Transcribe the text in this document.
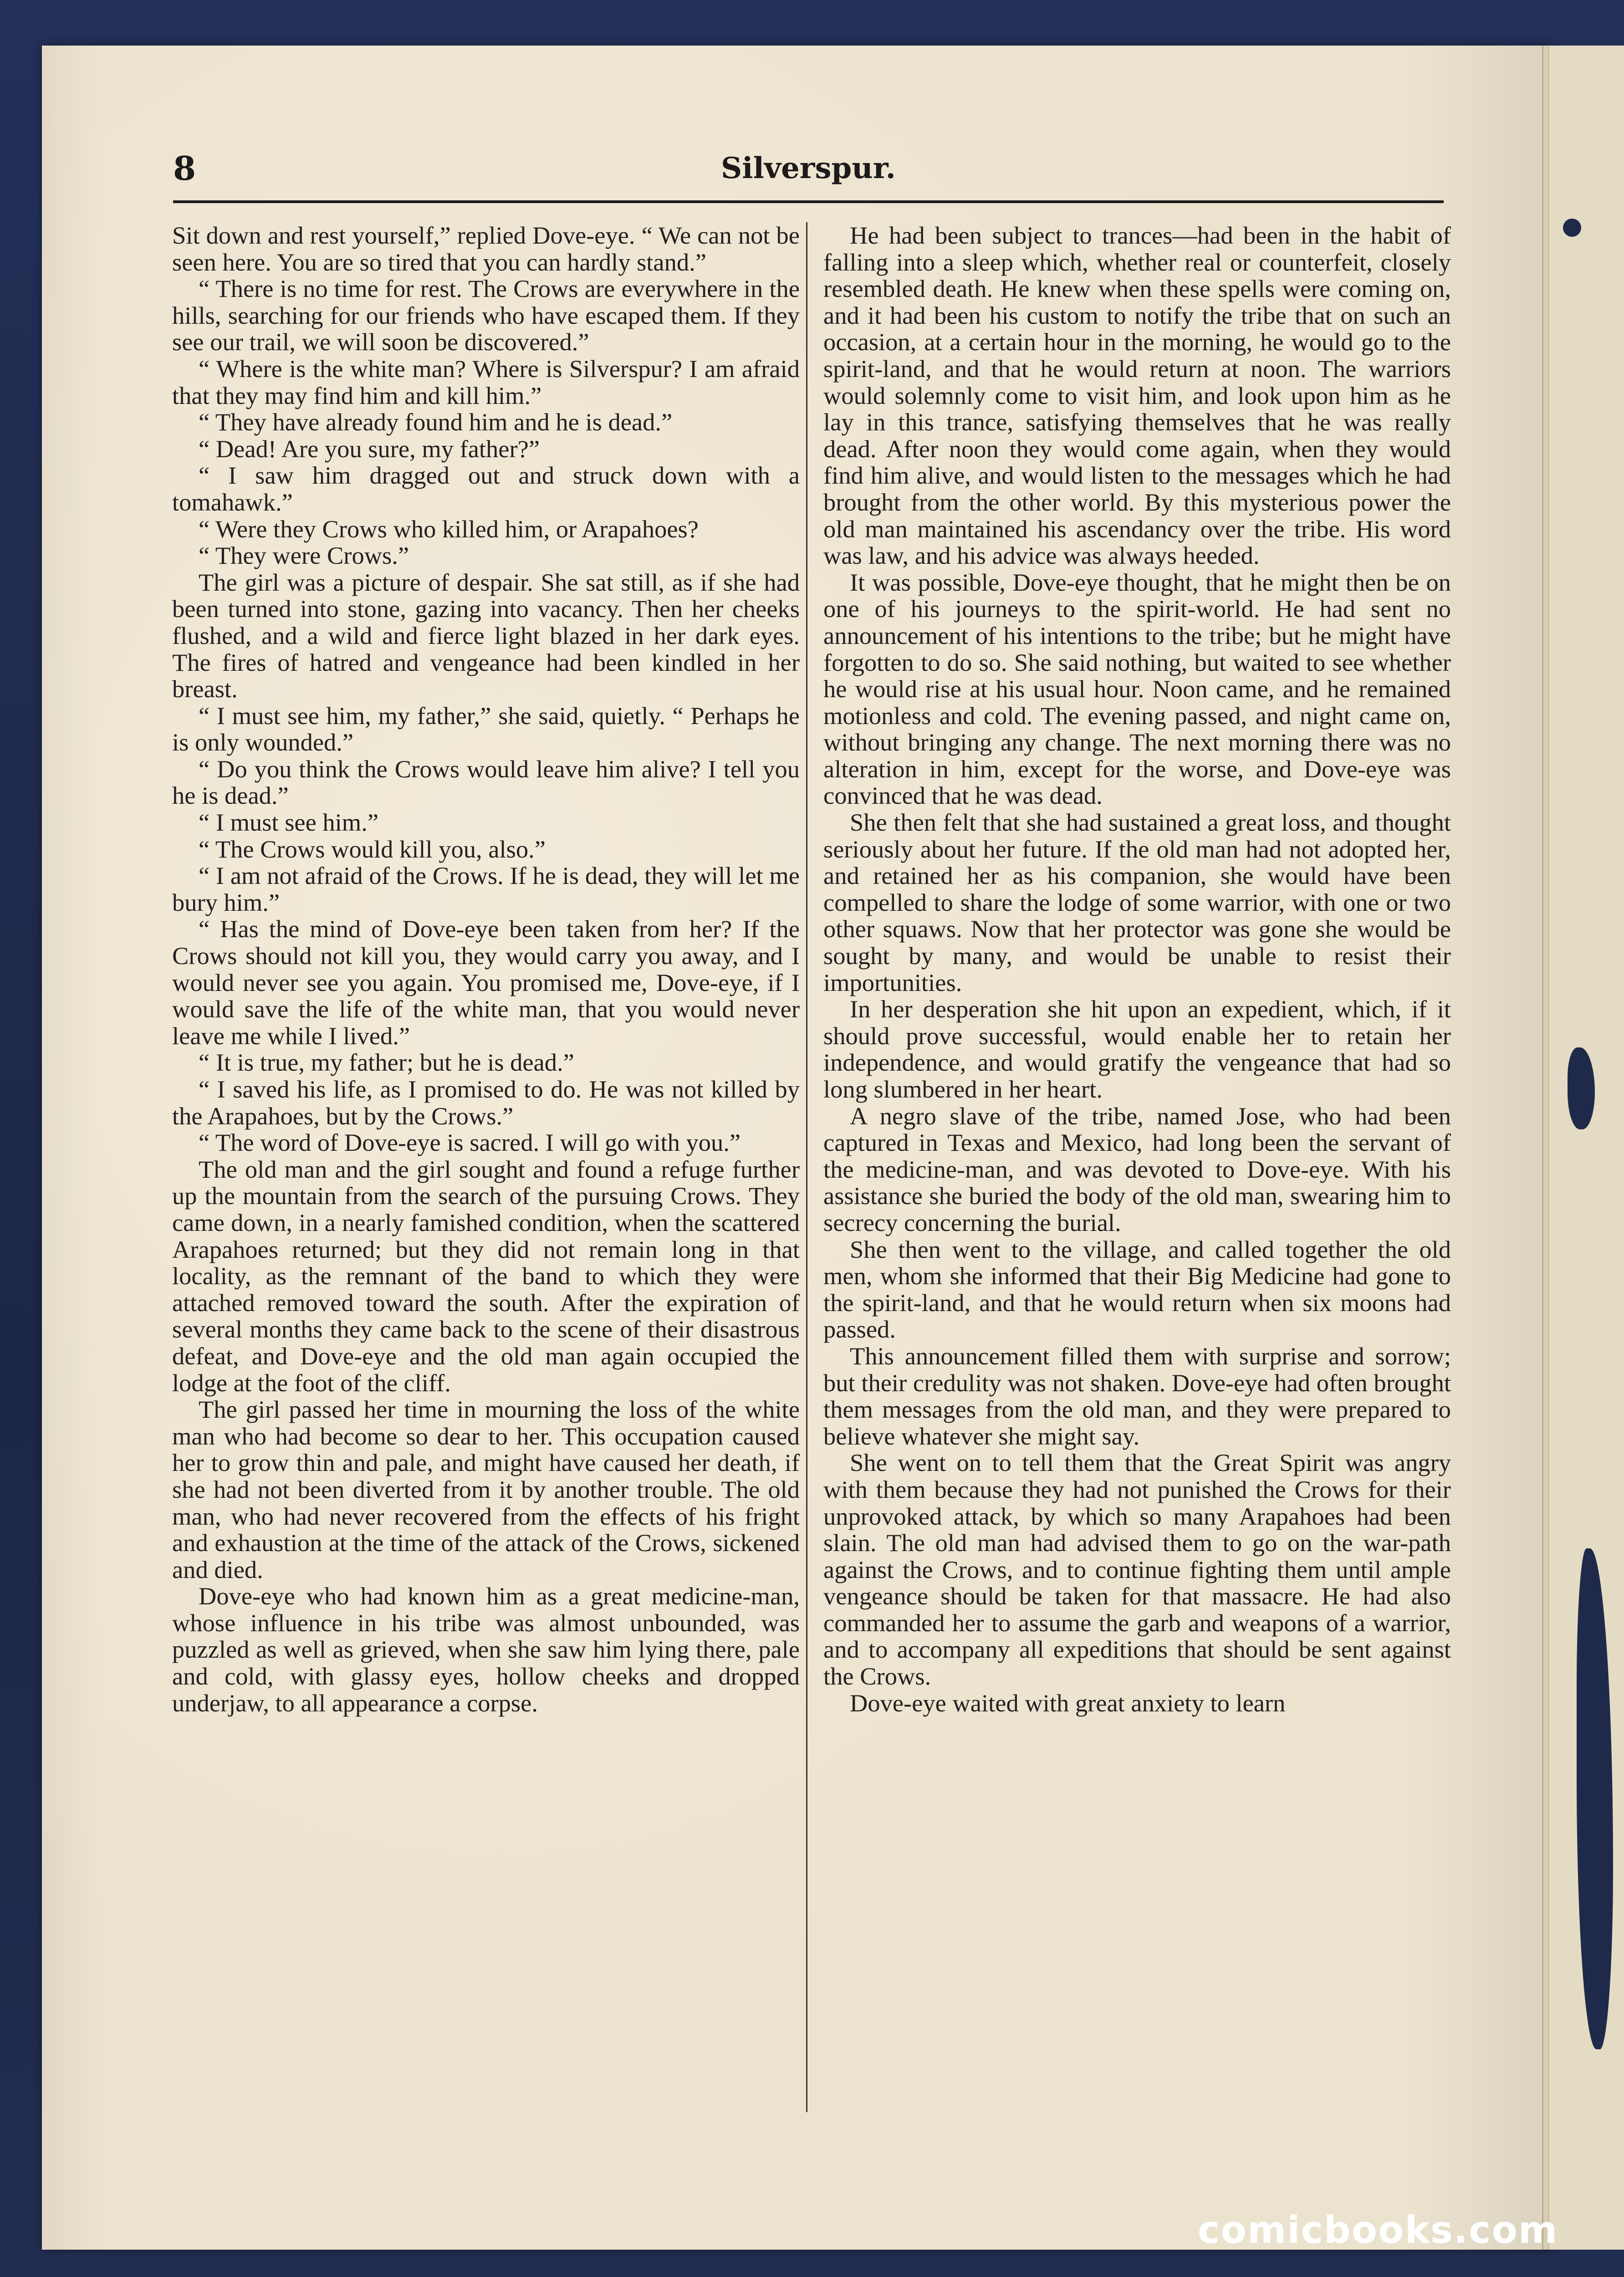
8	Silverspur.

Sit down and rest yourself,” replied Dove-eye. “ We can not be seen here. You are so tired that you can hardly stand.”

“ There is no time for rest. The Crows are everywhere in the hills, searching for our friends who have escaped them. If they see our trail, we will soon be discovered.”

“ Where is the white man? Where is Silverspur? I am afraid that they may find him and kill him.”

“ They have already found him and he is dead.”

“ Dead! Are you sure, my father?”

“ I saw him dragged out and struck down with a tomahawk.”

“ Were they Crows who killed him, or Arapahoes?

“ They were Crows.”

The girl was a picture of despair. She sat still, as if she had been turned into stone, gazing into vacancy. Then her cheeks flushed, and a wild and fierce light blazed in her dark eyes. The fires of hatred and vengeance had been kindled in her breast.

“ I must see him, my father,” she said, quietly. “ Perhaps he is only wounded.”

“ Do you think the Crows would leave him alive? I tell you he is dead.”

“ I must see him.”

“ The Crows would kill you, also.”

“ I am not afraid of the Crows. If he is dead, they will let me bury him.”

“ Has the mind of Dove-eye been taken from her? If the Crows should not kill you, they would carry you away, and I would never see you again. You promised me, Dove-eye, if I would save the life of the white man, that you would never leave me while I lived.”

“ It is true, my father; but he is dead.”

“ I saved his life, as I promised to do. He was not killed by the Arapahoes, but by the Crows.”

“ The word of Dove-eye is sacred. I will go with you.”

The old man and the girl sought and found a refuge further up the mountain from the search of the pursuing Crows. They came down, in a nearly famished condition, when the scattered Arapahoes returned; but they did not remain long in that locality, as the remnant of the band to which they were attached removed toward the south. After the expiration of several months they came back to the scene of their disastrous defeat, and Dove-eye and the old man again occupied the lodge at the foot of the cliff.

The girl passed her time in mourning the loss of the white man who had become so dear to her. This occupation caused her to grow thin and pale, and might have caused her death, if she had not been diverted from it by another trouble. The old man, who had never recovered from the effects of his fright and exhaustion at the time of the attack of the Crows, sickened and died.

Dove-eye who had known him as a great medicine-man, whose influence in his tribe was almost unbounded, was puzzled as well as grieved, when she saw him lying there, pale and cold, with glassy eyes, hollow cheeks and dropped underjaw, to all appearance a corpse.

He had been subject to trances—had been in the habit of falling into a sleep which, whether real or counterfeit, closely resembled death. He knew when these spells were coming on, and it had been his custom to notify the tribe that on such an occasion, at a certain hour in the morning, he would go to the spirit-land, and that he would return at noon. The warriors would solemnly come to visit him, and look upon him as he lay in this trance, satisfying themselves that he was really dead. After noon they would come again, when they would find him alive, and would listen to the messages which he had brought from the other world. By this mysterious power the old man maintained his ascendancy over the tribe. His word was law, and his advice was always heeded.

It was possible, Dove-eye thought, that he might then be on one of his journeys to the spirit-world. He had sent no announcement of his intentions to the tribe; but he might have forgotten to do so. She said nothing, but waited to see whether he would rise at his usual hour. Noon came, and he remained motionless and cold. The evening passed, and night came on, without bringing any change. The next morning there was no alteration in him, except for the worse, and Dove-eye was convinced that he was dead.

She then felt that she had sustained a great loss, and thought seriously about her future. If the old man had not adopted her, and retained her as his companion, she would have been compelled to share the lodge of some warrior, with one or two other squaws. Now that her protector was gone she would be sought by many, and would be unable to resist their importunities.

In her desperation she hit upon an expedient, which, if it should prove successful, would enable her to retain her independence, and would gratify the vengeance that had so long slumbered in her heart.

A negro slave of the tribe, named Jose, who had been captured in Texas and Mexico, had long been the servant of the medicine-man, and was devoted to Dove-eye. With his assistance she buried the body of the old man, swearing him to secrecy concerning the burial.

She then went to the village, and called together the old men, whom she informed that their Big Medicine had gone to the spirit-land, and that he would return when six moons had passed.

This announcement filled them with surprise and sorrow; but their credulity was not shaken. Dove-eye had often brought them messages from the old man, and they were prepared to believe whatever she might say.

She went on to tell them that the Great Spirit was angry with them because they had not punished the Crows for their unprovoked attack, by which so many Arapahoes had been slain. The old man had advised them to go on the war-path against the Crows, and to continue fighting them until ample vengeance should be taken for that massacre. He had also commanded her to assume the garb and weapons of a warrior, and to accompany all expeditions that should be sent against the Crows.

Dove-eye waited with great anxiety to learn

comicbooks.com
